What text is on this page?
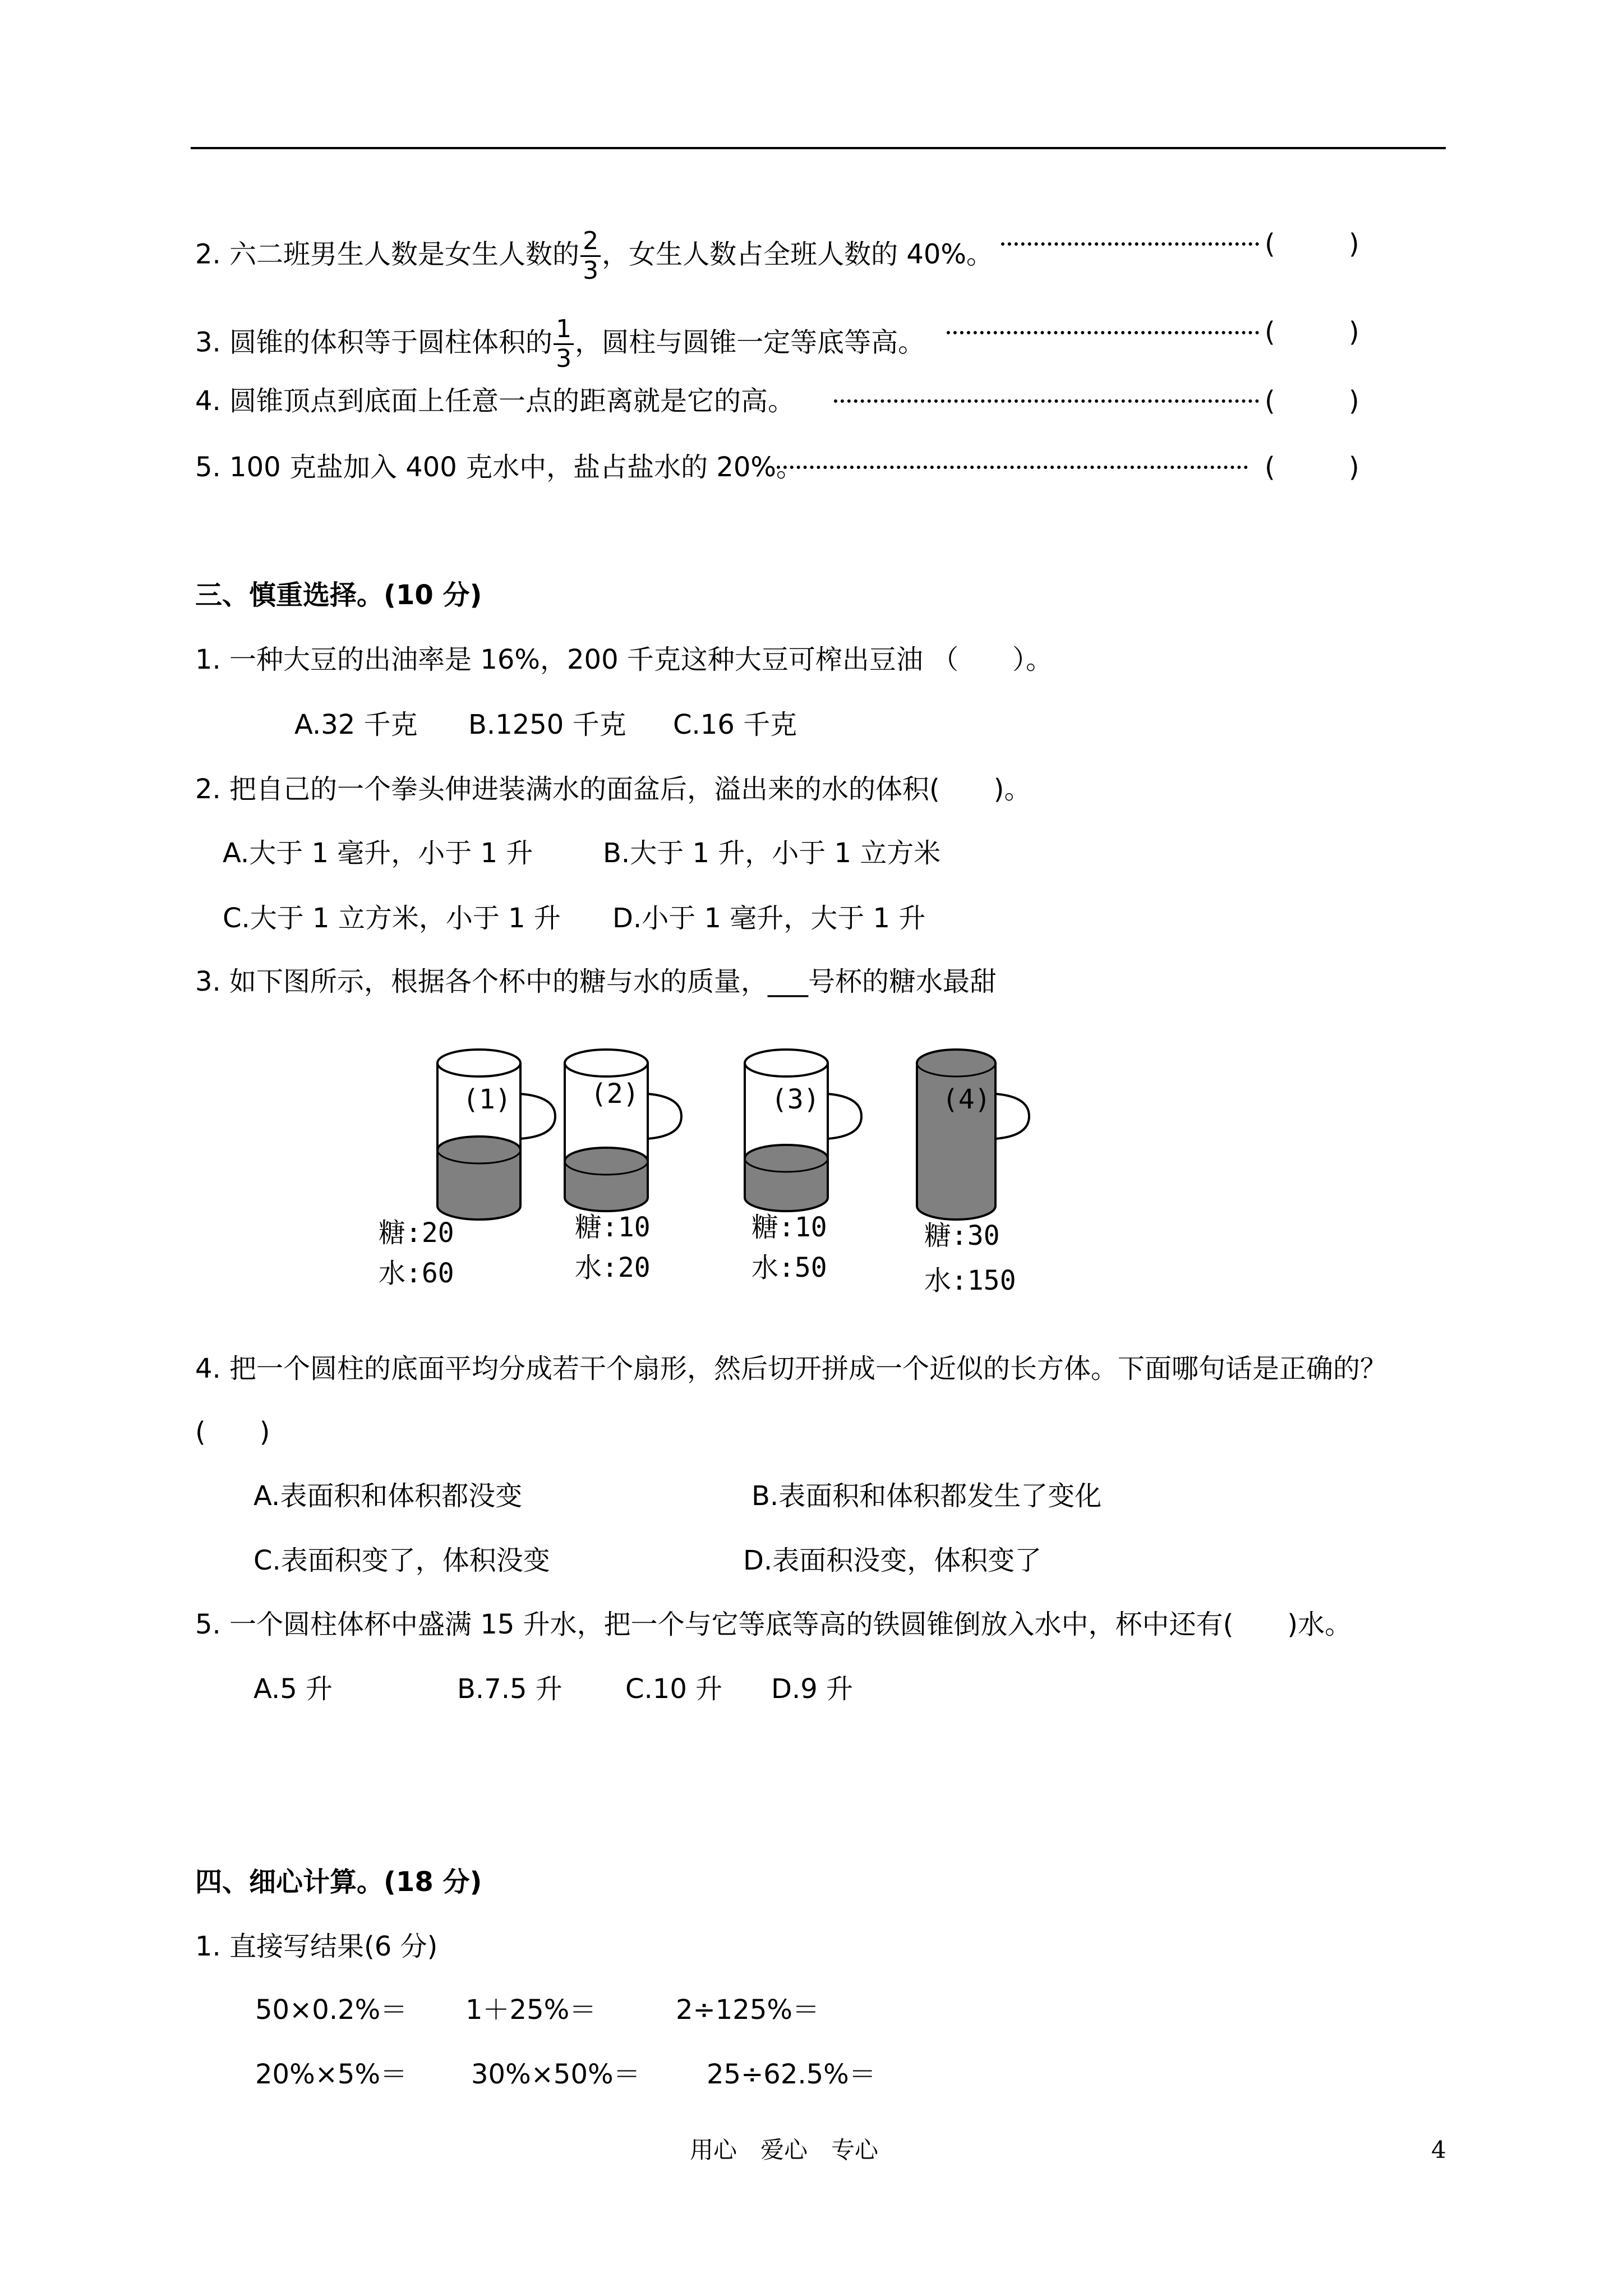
2. 六二班男生人数是女生人数的 $\frac{2}{3}$ ，女生人数占全班人数的 40%。	(	)
3. 圆锥的体积等于圆柱体积的 $\frac{1}{3}$ ，圆柱与圆锥一定等底等高。	(	)
4. 圆锥顶点到底面上任意一点的距离就是它的高。	(	)
5. 100 克盐加入 400 克水中，盐占盐水的 20%。	(	)
三、慎重选择。(10 分)
1. 一种大豆的出油率是 16%，200 千克这种大豆可榨出豆油 （　　）。
A.32 千克 B.1250 千克 C.16 千克
2. 把自己的一个拳头伸进装满水的面盆后，溢出来的水的体积(　　)。
A.大于 1 毫升，小于 1 升	B.大于 1 升，小于 1 立方米
C.大于 1 立方米，小于 1 升 D.小于 1 毫升，大于 1 升
3. 如下图所示，根据各个杯中的糖与水的质量，___号杯的糖水最甜
(1)	(2)	(3)	(4)
糖:20
水:60
糖:10
水:20
糖:10
水:50
糖:30
水:150
4. 把一个圆柱的底面平均分成若干个扇形，然后切开拼成一个近似的长方体。下面哪句话是正确的？
(　　)
A.表面积和体积都没变	B.表面积和体积都发生了变化
C.表面积变了，体积没变	D.表面积没变，体积变了
5. 一个圆柱体杯中盛满 15 升水，把一个与它等底等高的铁圆锥倒放入水中，杯中还有(　　)水。
A.5 升	B.7.5 升 C.10 升 D.9 升
四、细心计算。(18 分)
1. 直接写结果(6 分)
50×0.2%＝ 1＋25%＝	2÷125%＝
20%×5%＝ 30%×50%＝ 25÷62.5%＝
用心　爱心　专心	4
